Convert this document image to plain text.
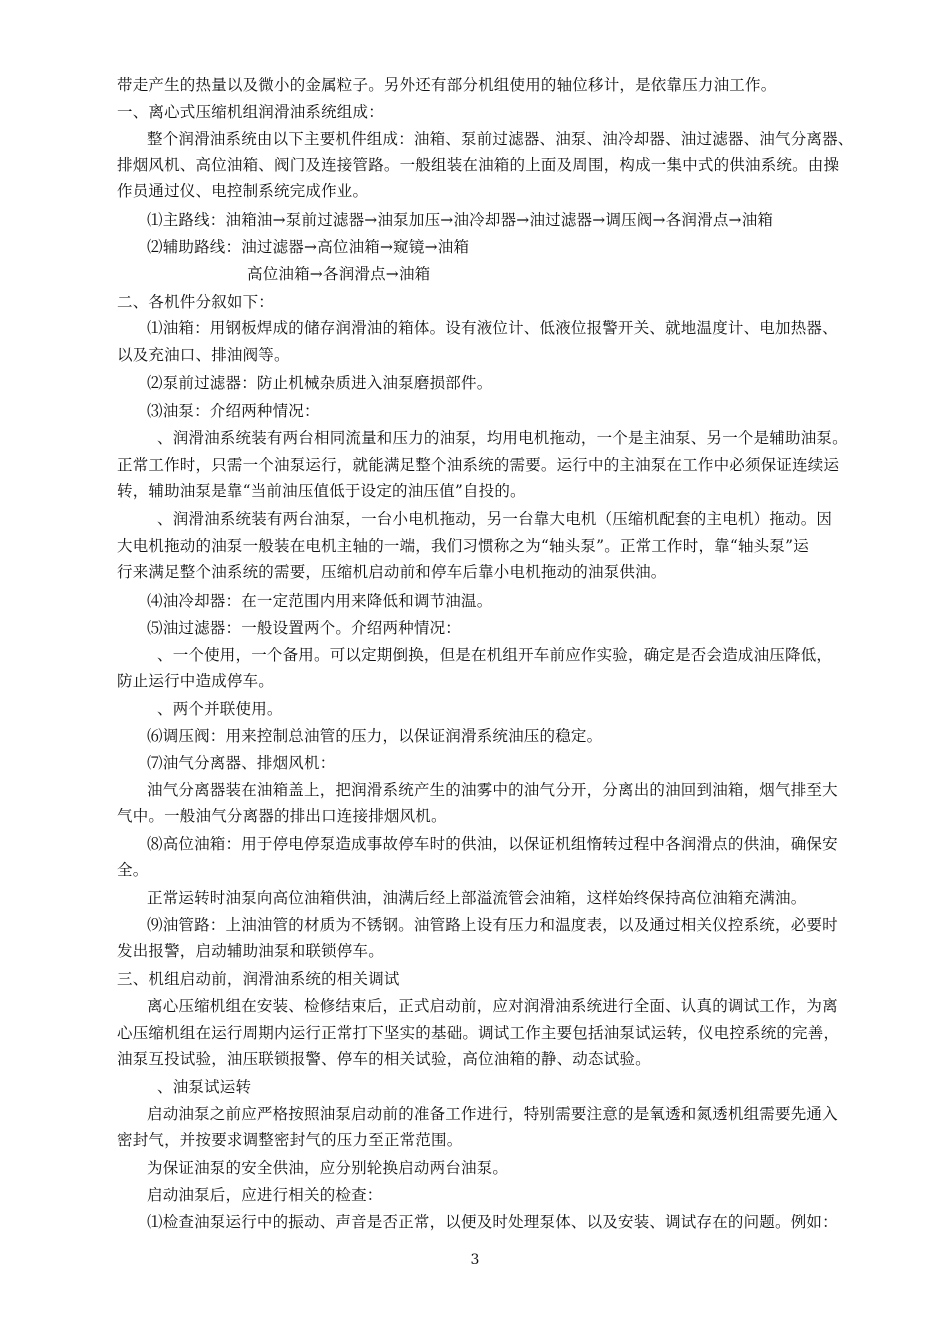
带走产生的热量以及微小的金属粒子。另外还有部分机组使用的轴位移计，是依靠压力油工作。
一、离心式压缩机组润滑油系统组成：
整个润滑油系统由以下主要机件组成：油箱、泵前过滤器、油泵、油冷却器、油过滤器、油气分离器、
排烟风机、高位油箱、阀门及连接管路。一般组装在油箱的上面及周围，构成一集中式的供油系统。由操
作员通过仪、电控制系统完成作业。
⑴主路线：油箱油→泵前过滤器→油泵加压→油冷却器→油过滤器→调压阀→各润滑点→油箱
⑵辅助路线：油过滤器→高位油箱→窥镜→油箱
高位油箱→各润滑点→油箱
二、各机件分叙如下：
⑴油箱：用钢板焊成的储存润滑油的箱体。设有液位计、低液位报警开关、就地温度计、电加热器、
以及充油口、排油阀等。
⑵泵前过滤器：防止机械杂质进入油泵磨损部件。
⑶油泵：介绍两种情况：
、润滑油系统装有两台相同流量和压力的油泵，均用电机拖动，一个是主油泵、另一个是辅助油泵。
正常工作时，只需一个油泵运行，就能满足整个油系统的需要。运行中的主油泵在工作中必须保证连续运
转，辅助油泵是靠“当前油压值低于设定的油压值”自投的。
、润滑油系统装有两台油泵，一台小电机拖动，另一台靠大电机（压缩机配套的主电机）拖动。因
大电机拖动的油泵一般装在电机主轴的一端，我们习惯称之为“轴头泵”。正常工作时，靠“轴头泵”运
行来满足整个油系统的需要，压缩机启动前和停车后靠小电机拖动的油泵供油。
⑷油冷却器：在一定范围内用来降低和调节油温。
⑸油过滤器：一般设置两个。介绍两种情况：
、一个使用，一个备用。可以定期倒换，但是在机组开车前应作实验，确定是否会造成油压降低，
防止运行中造成停车。
、两个并联使用。
⑹调压阀：用来控制总油管的压力，以保证润滑系统油压的稳定。
⑺油气分离器、排烟风机：
油气分离器装在油箱盖上，把润滑系统产生的油雾中的油气分开，分离出的油回到油箱，烟气排至大
气中。一般油气分离器的排出口连接排烟风机。
⑻高位油箱：用于停电停泵造成事故停车时的供油，以保证机组惰转过程中各润滑点的供油，确保安
全。
正常运转时油泵向高位油箱供油，油满后经上部溢流管会油箱，这样始终保持高位油箱充满油。
⑼油管路：上油油管的材质为不锈钢。油管路上设有压力和温度表，以及通过相关仪控系统，必要时
发出报警，启动辅助油泵和联锁停车。
三、机组启动前，润滑油系统的相关调试
离心压缩机组在安装、检修结束后，正式启动前，应对润滑油系统进行全面、认真的调试工作，为离
心压缩机组在运行周期内运行正常打下坚实的基础。调试工作主要包括油泵试运转，仪电控系统的完善，
油泵互投试验，油压联锁报警、停车的相关试验，高位油箱的静、动态试验。
、油泵试运转
启动油泵之前应严格按照油泵启动前的准备工作进行，特别需要注意的是氧透和氮透机组需要先通入
密封气，并按要求调整密封气的压力至正常范围。
为保证油泵的安全供油，应分别轮换启动两台油泵。
启动油泵后，应进行相关的检查：
⑴检查油泵运行中的振动、声音是否正常，以便及时处理泵体、以及安装、调试存在的问题。例如：
3
